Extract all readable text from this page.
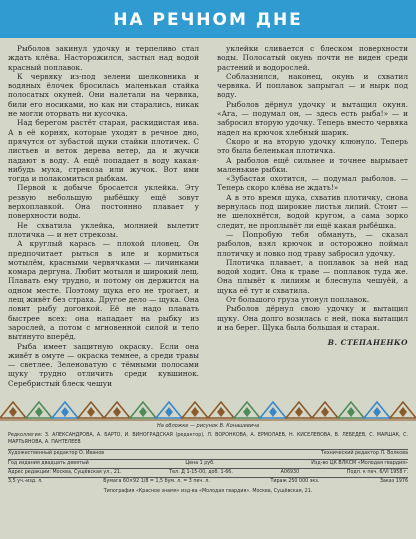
НА РЕЧНОМ ДНЕ

Рыболов закинул удочку и терпеливо стал ждать клёва. Насторожился, застыл над водой красный поплавок.

К червяку из-под зелени шелковника и водяных ёлочек бросилась маленькая стайка полосатых окуней. Они налетали на червяка, били его носиками, но как ни старались, никак не могли оторвать ни кусочка.

Над берегом растёт старая, раскидистая ива. А в её корнях, которые уходят в речное дно, прячутся от зубастой щуки стайки плотичек. С листьев и веток дерева ветер, да и жучки падают в воду. А ещё попадает в воду какая-нибудь муха, стрекоза или жучок. Вот ими тогда и полакомиться рыбкам.

Первой к добыче бросается уклейка. Эту резвую небольшую рыбёшку ещё зовут верхоплавкой. Она постоянно плавает у поверхности воды.

Не схватила уклейка, молнией вылетит плотичка — и нет стрекозы.

А круглый карась — плохой пловец. Он предпочитает рыться в иле и кормиться мотылём, красными червячками — личинками комара дергуна. Любит мотыля и широкий лещ. Плавать ему трудно, и потому он держится на одном месте. Поэтому щука его не трогает, и лещ живёт без страха. Другое дело — щука. Она ловит рыбу догонкой. Её не надо плавать быстрее всех: она нападает на рыбку из зарослей, а потом с мгновенной силой и тело вытянуто вперёд.

Рыба имеет защитную окраску. Если она живёт в омуте — окраска темнее, а среди травы — светлее. Зеленоватую с тёмными полосами щуку трудно отличить среди кувшинок. Серебристый блеск чешуи

уклейки сливается с блеском поверхности воды. Полосатый окунь почти не виден среди растений и водорослей.

Соблазнился, наконец, окунь и схватил червяка. И поплавок запрыгал — и нырк под воду.

Рыболов дёрнул удочку и вытащил окуня. «Ага, — подумал он, — здесь есть рыба!» — и забросил вторую удочку. Теперь вместо червяка надел на крючок хлебный шарик.

Скоро и на вторую удочку клюнуло. Теперь это была беленькая плотичка.

А рыболов ещё сильнее и точнее вырывает маленькие рыбки.

«Зубастая охотится, — подумал рыболов. — Теперь скоро клёва не ждать!»

А в это время щука, схватив плотичку, снова вернулась под широкие листья лилий. Стоит — не шелохнётся, водой кругом, а сама зорко следит, не проплывёт ли ещё какая рыбёшка.

— Попробую тебя обмануть, — сказал рыболов, взял крючок и осторожно поймал плотичку и ловко под траву забросил удочку.

Плотичка плавает, а поплавок за ней над водой ходит. Она к траве — поплавок туда же. Она плывёт к лилиям и блеснула чешуёй, а щука её тут и схватила.

От большого груза утонул поплавок.

Рыболов дёрнул свою удочку и вытащил щуку. Она долго возилась с ней, пока вытащил и на берег. Щука была большая и старая.

В. СТЕПАНЕНКО

На обложке — рисунок В. Конашевича
Редколлегия: З. АЛЕКСАНДРОВА, А. БАРТО, И. ВИНОГРАДСКАЯ (редактор), Л. ВОРОНКОВА, А. ЕРМОЛАЕВ, Н. КИСЕЛЕВОВА, В. ЛЕБЕДЕВ, С. МАРШАК, С. МАРТЬЯНОВА, А. ПАНТЕЛЕЕВ
Художественный редактор О. Иванов	Технический редактор Л. Волкова
Год издания двадцать девятый	Цена 1 руб.	Изд-во ЦК ВЛКСМ «Молодая гвардия»
Адрес редакции: Москва, Сущёвская ул., 21.	Тел. Д 1-15-00, доб. 1-66.	А06930	Подп. к печ. 6/VI 1958 г.
3,5 уч.-изд. л.	Бумага 60×92 1/8 = 1,5 бум. л. = 3 печ. л.	Тираж 250 000 экз.	Заказ 1976
Типография «Красное знамя» изд-ва «Молодая гвардия». Москва, Сущёвская, 21.
